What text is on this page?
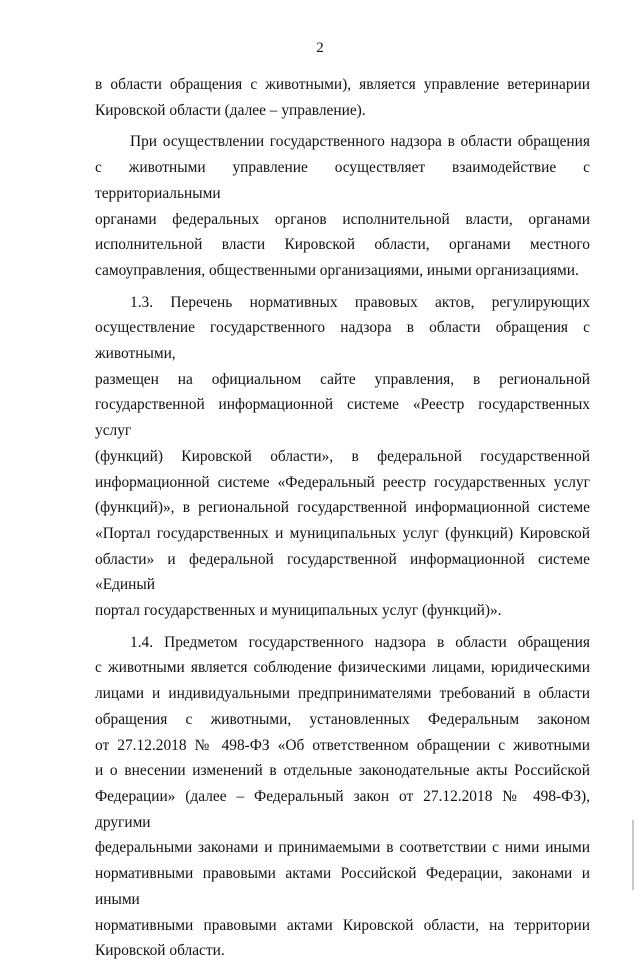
2
в области обращения с животными), является управление ветеринарии
Кировской области (далее – управление).
При осуществлении государственного надзора в области обращения
с животными управление осуществляет взаимодействие с территориальными
органами федеральных органов исполнительной власти, органами
исполнительной власти Кировской области, органами местного
самоуправления, общественными организациями, иными организациями.
1.3. Перечень нормативных правовых актов, регулирующих
осуществление государственного надзора в области обращения с животными,
размещен на официальном сайте управления, в региональной
государственной информационной системе «Реестр государственных услуг
(функций) Кировской области», в федеральной государственной
информационной системе «Федеральный реестр государственных услуг
(функций)», в региональной государственной информационной системе
«Портал государственных и муниципальных услуг (функций) Кировской
области» и федеральной государственной информационной системе «Единый
портал государственных и муниципальных услуг (функций)».
1.4. Предметом государственного надзора в области обращения
с животными является соблюдение физическими лицами, юридическими
лицами и индивидуальными предпринимателями требований в области
обращения с животными, установленных Федеральным законом
от 27.12.2018 № 498-ФЗ «Об ответственном обращении с животными
и о внесении изменений в отдельные законодательные акты Российской
Федерации» (далее – Федеральный закон от 27.12.2018 № 498-ФЗ), другими
федеральными законами и принимаемыми в соответствии с ними иными
нормативными правовыми актами Российской Федерации, законами и иными
нормативными правовыми актами Кировской области, на территории
Кировской области.
